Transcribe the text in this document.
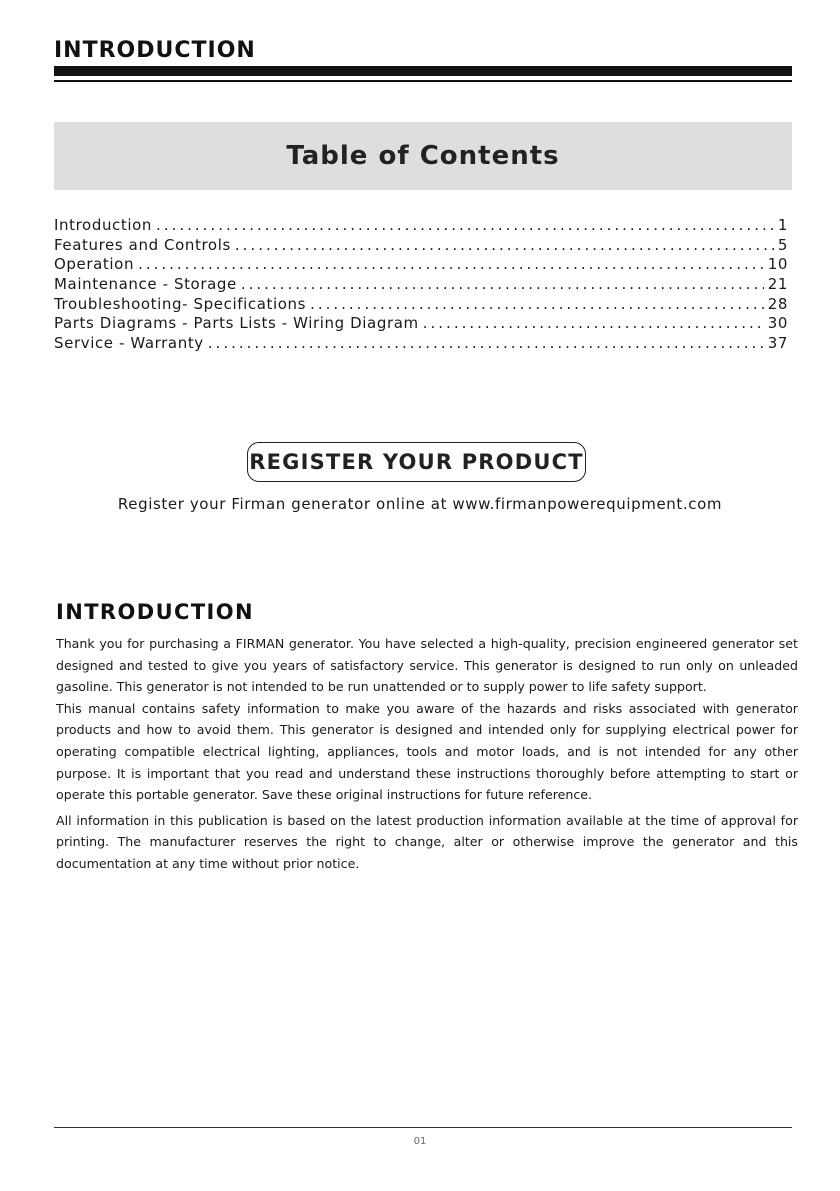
INTRODUCTION
Table of Contents
Introduction .....	1
Features and Controls .....	5
Operation .....	10
Maintenance - Storage .....	21
Troubleshooting- Specifications .....	28
Parts Diagrams - Parts Lists - Wiring Diagram .....	30
Service - Warranty .....	37
REGISTER YOUR PRODUCT
Register your Firman generator online at www.firmanpowerequipment.com
INTRODUCTION

Thank you for purchasing a FIRMAN generator. You have selected a high-quality, precision engineered generator set designed and tested to give you years of satisfactory service. This generator is designed to run only on unleaded gasoline. This generator is not intended to be run unattended or to supply power to life safety support.

This manual contains safety information to make you aware of the hazards and risks associated with generator products and how to avoid them. This generator is designed and intended only for supplying electrical power for operating compatible electrical lighting, appliances, tools and motor loads, and is not intended for any other purpose. It is important that you read and understand these instructions thoroughly before attempting to start or operate this portable generator. Save these original instructions for future reference.

All information in this publication is based on the latest production information available at the time of approval for printing. The manufacturer reserves the right to change, alter or otherwise improve the generator and this documentation at any time without prior notice.

01
